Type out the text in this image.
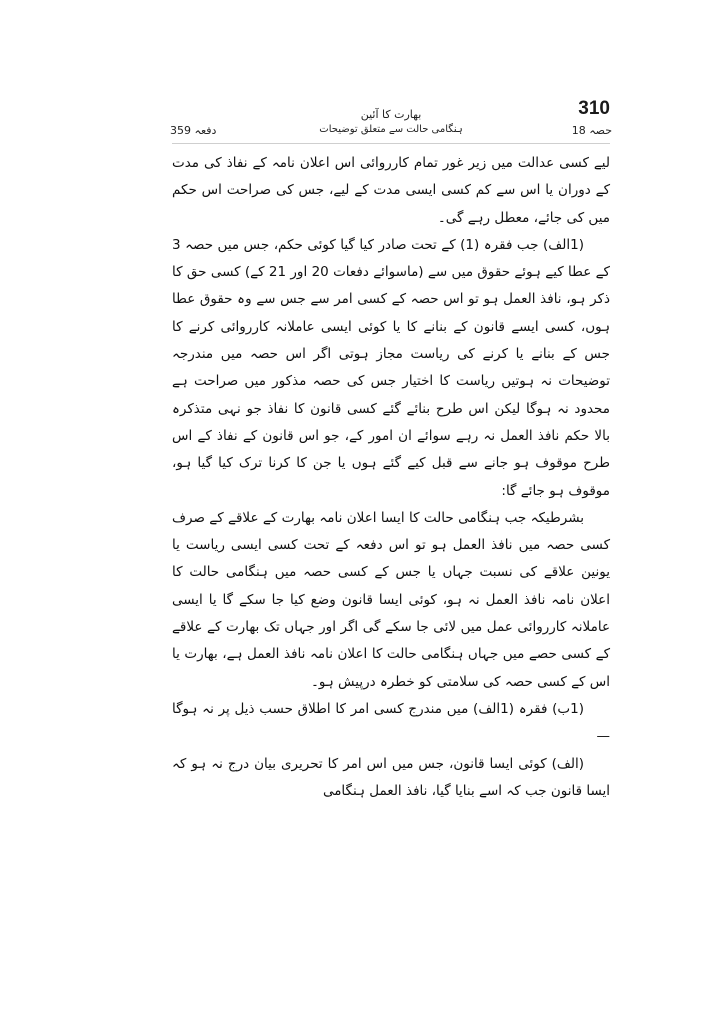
310
بھارت کا آئین
حصہ 18
ہنگامی حالت سے متعلق توضیحات
دفعہ 359

لیے کسی عدالت میں زیر غور تمام کارروائی اس اعلان نامہ کے نفاذ کی مدت کے دوران یا اس سے کم کسی ایسی مدت کے لیے، جس کی صراحت اس حکم میں کی جائے، معطل رہے گی۔

(1الف) جب فقرہ (1) کے تحت صادر کیا گیا کوئی حکم، جس میں حصہ 3 کے عطا کیے ہوئے حقوق میں سے (ماسوائے دفعات 20 اور 21 کے) کسی حق کا ذکر ہو، نافذ العمل ہو تو اس حصہ کے کسی امر سے جس سے وہ حقوق عطا ہوں، کسی ایسے قانون کے بنانے کا یا کوئی ایسی عاملانہ کارروائی کرنے کا جس کے بنانے یا کرنے کی ریاست مجاز ہوتی اگر اس حصہ میں مندرجہ توضیحات نہ ہوتیں ریاست کا اختیار جس کی حصہ مذکور میں صراحت ہے محدود نہ ہوگا لیکن اس طرح بنائے گئے کسی قانون کا نفاذ جو نہی متذکرہ بالا حکم نافذ العمل نہ رہے سوائے ان امور کے، جو اس قانون کے نفاذ کے اس طرح موقوف ہو جانے سے قبل کیے گئے ہوں یا جن کا کرنا ترک کیا گیا ہو، موقوف ہو جائے گا:

بشرطیکہ جب ہنگامی حالت کا ایسا اعلان نامہ بھارت کے علاقے کے صرف کسی حصہ میں نافذ العمل ہو تو اس دفعہ کے تحت کسی ایسی ریاست یا یونین علاقے کی نسبت جہاں یا جس کے کسی حصہ میں ہنگامی حالت کا اعلان نامہ نافذ العمل نہ ہو، کوئی ایسا قانون وضع کیا جا سکے گا یا ایسی عاملانہ کارروائی عمل میں لائی جا سکے گی اگر اور جہاں تک بھارت کے علاقے کے کسی حصے میں جہاں ہنگامی حالت کا اعلان نامہ نافذ العمل ہے، بھارت یا اس کے کسی حصہ کی سلامتی کو خطرہ درپیش ہو۔

(1ب) فقرہ (1الف) میں مندرج کسی امر کا اطلاق حسب ذیل پر نہ ہوگا —

(الف) کوئی ایسا قانون، جس میں اس امر کا تحریری بیان درج نہ ہو کہ ایسا قانون جب کہ اسے بنایا گیا، نافذ العمل ہنگامی
